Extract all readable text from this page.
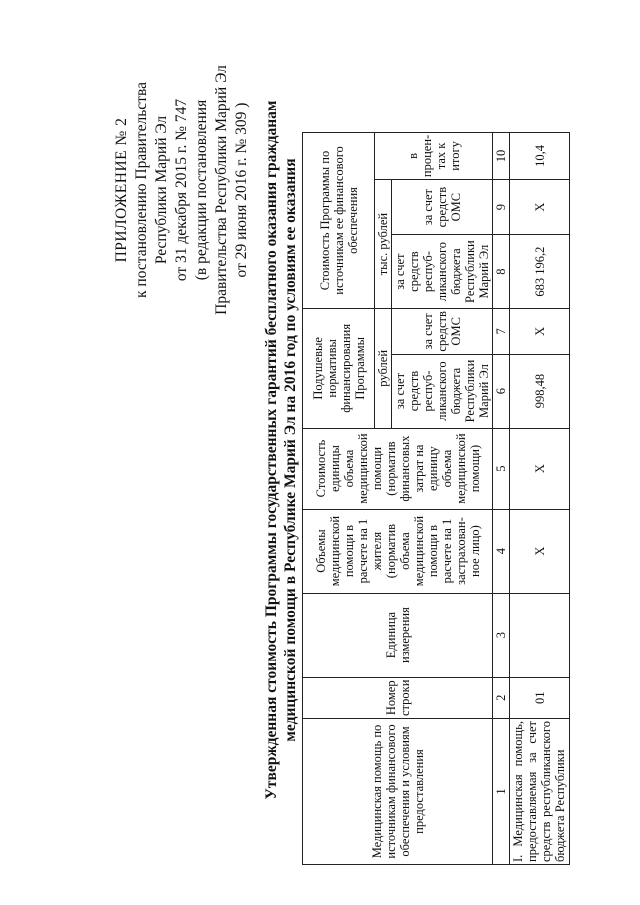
ПРИЛОЖЕНИЕ № 2 к постановлению Правительства Республики Марий Эл от 31 декабря 2015 г. № 747 (в редакции постановления Правительства Республики Марий Эл от 29 июня 2016 г. № 309 ) Утвержденная стоимость Программы государственных гарантий бесплатного оказания гражданам медицинской помощи в Республике Марий Эл на 2016 год по условиям ее оказания
Медицинская помощь по источникам финансового обеспечения и условиям предоставления	Номер строки	Единица измерения	Объемы медицинской помощи в расчете на 1 жителя (норматив объема медицинской помощи в расчете на 1 застрахован-ное лицо)	Стоимость единицы объема медицинской помощи (норматив финансовых затрат на единицу объема медицинской помощи)	Подушевые нормативы финансирования Программы		Стоимость Программы по источникам ее финансового обеспечения		
					рублей		тыс. рублей		в процен-тах к итогу
					за счет средств респуб-ликанского бюджета Республики Марий Эл	за счет средств ОМС	за счет средств респуб-ликанского бюджета Республики Марий Эл	за счет средств ОМС	
1	2	3	4	5	6	7	8	9	10
I. Медицинская помощь, предоставляемая за счет средств республиканского бюджета Республики	01		Х	Х	998,48	Х	683 196,2	Х	10,4
